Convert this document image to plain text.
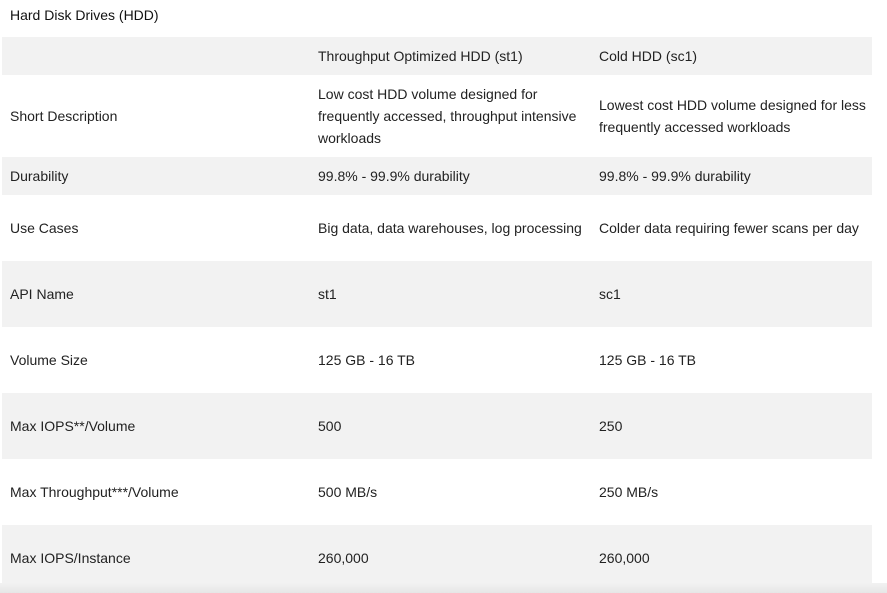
Hard Disk Drives (HDD)
	Throughput Optimized HDD (st1)	Cold HDD (sc1)
Short Description	Low cost HDD volume designed for frequently accessed, throughput intensive workloads	Lowest cost HDD volume designed for less frequently accessed workloads
Durability	99.8% - 99.9% durability	99.8% - 99.9% durability
Use Cases	Big data, data warehouses, log processing	Colder data requiring fewer scans per day
API Name	st1	sc1
Volume Size	125 GB - 16 TB	125 GB - 16 TB
Max IOPS**/Volume	500	250
Max Throughput***/Volume	500 MB/s	250 MB/s
Max IOPS/Instance	260,000	260,000
